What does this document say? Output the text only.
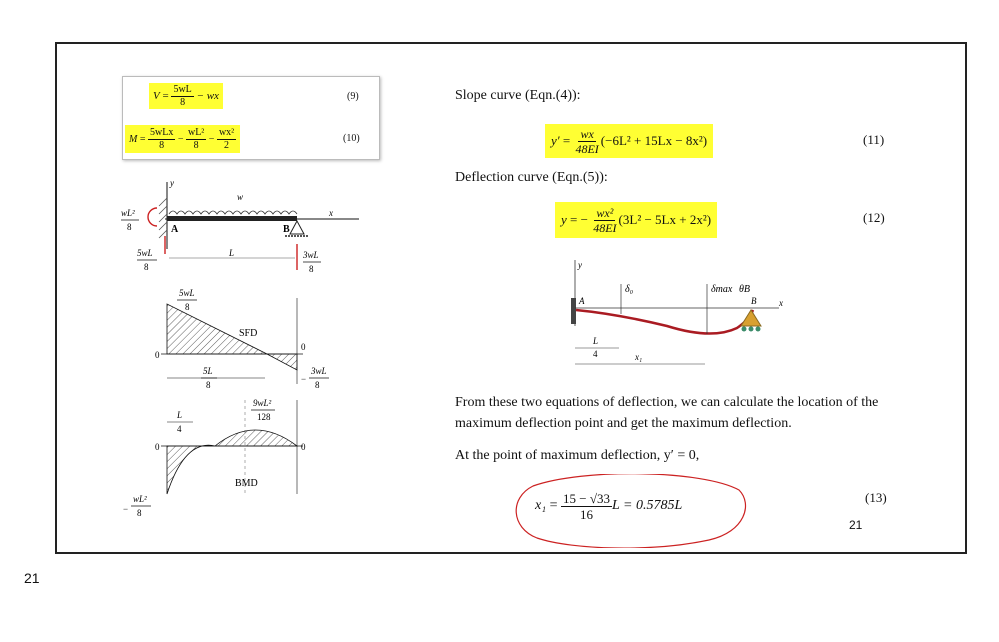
$V = \frac{5wL}{8}$
− wx	(9)
$M = \frac{\text{5wLx}}{8} - \frac{\text{wL²}}{8} - \frac{\text{wx²}}{2}$	(10)
y
w
A	B
x
wL²
8
5wL
8
3wL
8
L
5wL
8
SFD
0
0
5L
8
−
3wL
8
9wL²
128
L
4
0	0
BMD
−
wL²
8
Slope curve (Eqn.(4)):
$y' = \frac{wx}{48EI} (-6L^2 + 15Lx - 8x^2)$	(11)
Deflection curve (Eqn.(5)):
y = −
$\frac{\text{wx²}}{48EI} (3L^2 - 5Lx + 2x^2)$	(12)
y
x
A	B
δ₀	δmax θB
L
4	x₁
From these two equations of deflection, we can calculate the location of the maximum deflection point and get the maximum deflection.
At the point of maximum deflection, y′ = 0,
$x_1 = \frac{15 - √33}{16}$ L = 0.5785L
(13)
21
21
